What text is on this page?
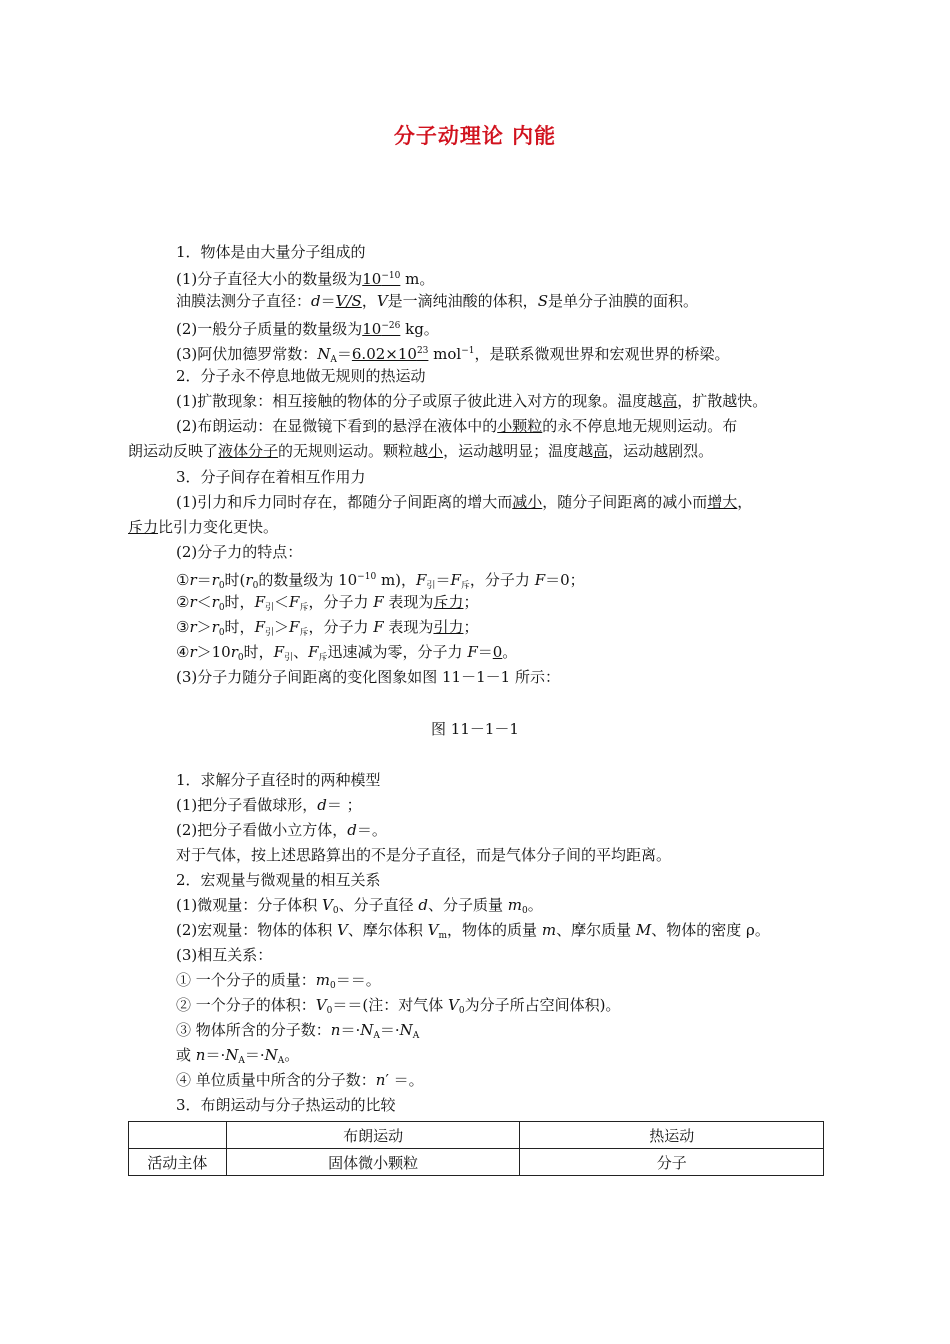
分子动理论 内能
1．物体是由大量分子组成的
(1)分子直径大小的数量级为$10^{-10}$ m。
油膜法测分子直径：d＝V/S，V是一滴纯油酸的体积，S是单分子油膜的面积。
(2)一般分子质量的数量级为$10^{-26}$ kg。
(3)阿伏加德罗常数：$N_A=6.02\times 10^{23}$ mol$^{-1}$，是联系微观世界和宏观世界的桥梁。
2．分子永不停息地做无规则的热运动
(1)扩散现象：相互接触的物体的分子或原子彼此进入对方的现象。温度越高，扩散越快。
(2)布朗运动：在显微镜下看到的悬浮在液体中的小颗粒的永不停息地无规则运动。布
朗运动反映了液体分子的无规则运动。颗粒越小，运动越明显；温度越高，运动越剧烈。
3．分子间存在着相互作用力
(1)引力和斥力同时存在，都随分子间距离的增大而减小，随分子间距离的减小而增大，
斥力比引力变化更快。
(2)分子力的特点：
$①r=r_0$时($r_0$的数量级为 $10^{-10}$ m)，$F_引=F_斥$，分子力 F＝0；
$②r<r_0$时，$F_引<F_斥$，分子力 F 表现为斥力；
$③r>r_0$时，$F_引>F_斥$，分子力 F 表现为引力；
$④r>10r_0$时，$F_引$、$F_斥$迅速减为零，分子力 F＝0。
(3)分子力随分子间距离的变化图象如图 11－1－1 所示：
图 11－1－1
1．求解分子直径时的两种模型
(1)把分子看做球形，d＝ ；
(2)把分子看做小立方体，d＝。
对于气体，按上述思路算出的不是分子直径，而是气体分子间的平均距离。
2．宏观量与微观量的相互关系
(1)微观量：分子体积 $V_0$、分子直径 d、分子质量 $m_0$。
(2)宏观量：物体的体积 V、摩尔体积 $V_m$，物体的质量 m、摩尔质量 M、物体的密度 ρ。
(3)相互关系：
① 一个分子的质量：$m_0==$。
② 一个分子的体积：$V_0==$(注：对气体 $V_0$为分子所占空间体积)。
③ 物体所含的分子数：$n=\cdot N_A=\cdot N_A$
或 $n=\cdot N_A=\cdot N_A$。
④ 单位质量中所含的分子数：n′ ＝。
3．布朗运动与分子热运动的比较
	布朗运动	热运动
活动主体	固体微小颗粒	分子
